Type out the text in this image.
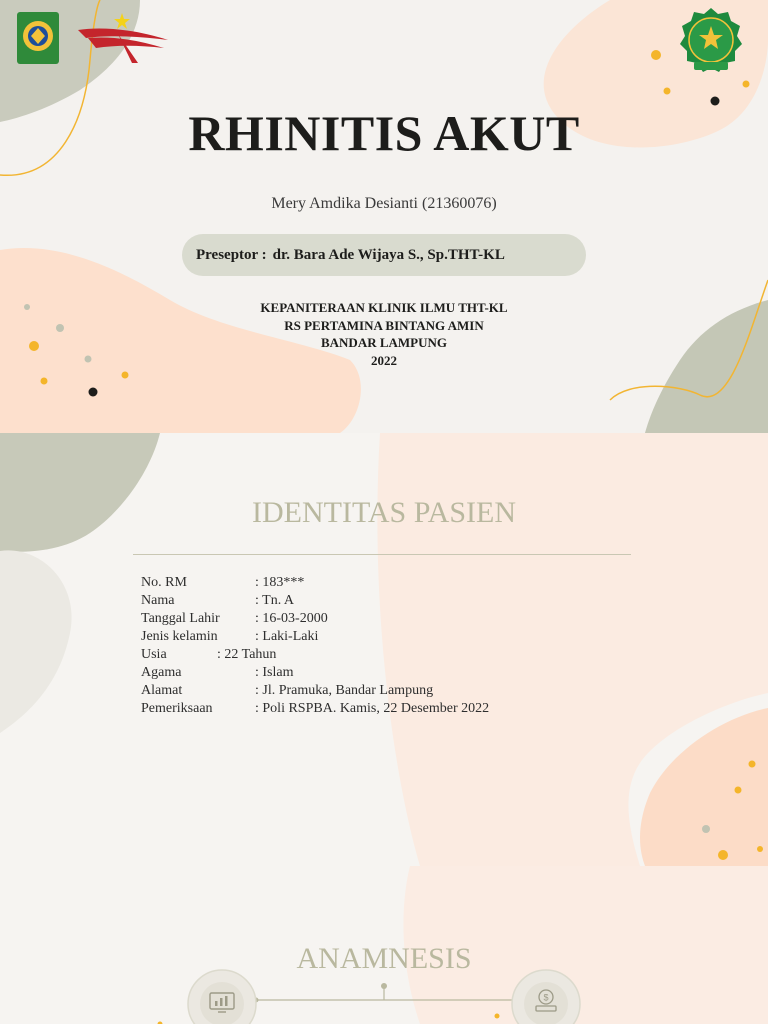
RHINITIS AKUT
Mery Amdika Desianti (21360076)
Preseptor : dr. Bara Ade Wijaya S., Sp.THT-KL
KEPANITERAAN KLINIK ILMU THT-KL
RS PERTAMINA BINTANG AMIN
BANDAR LAMPUNG
2022
IDENTITAS PASIEN
No. RM	: 183***
Nama	: Tn. A
Tanggal Lahir	: 16-03-2000
Jenis kelamin	: Laki-Laki
Usia	: 22 Tahun
Agama	: Islam
Alamat	: Jl. Pramuka, Bandar Lampung
Pemeriksaan	: Poli RSPBA. Kamis, 22 Desember 2022
$
ANAMNESIS
